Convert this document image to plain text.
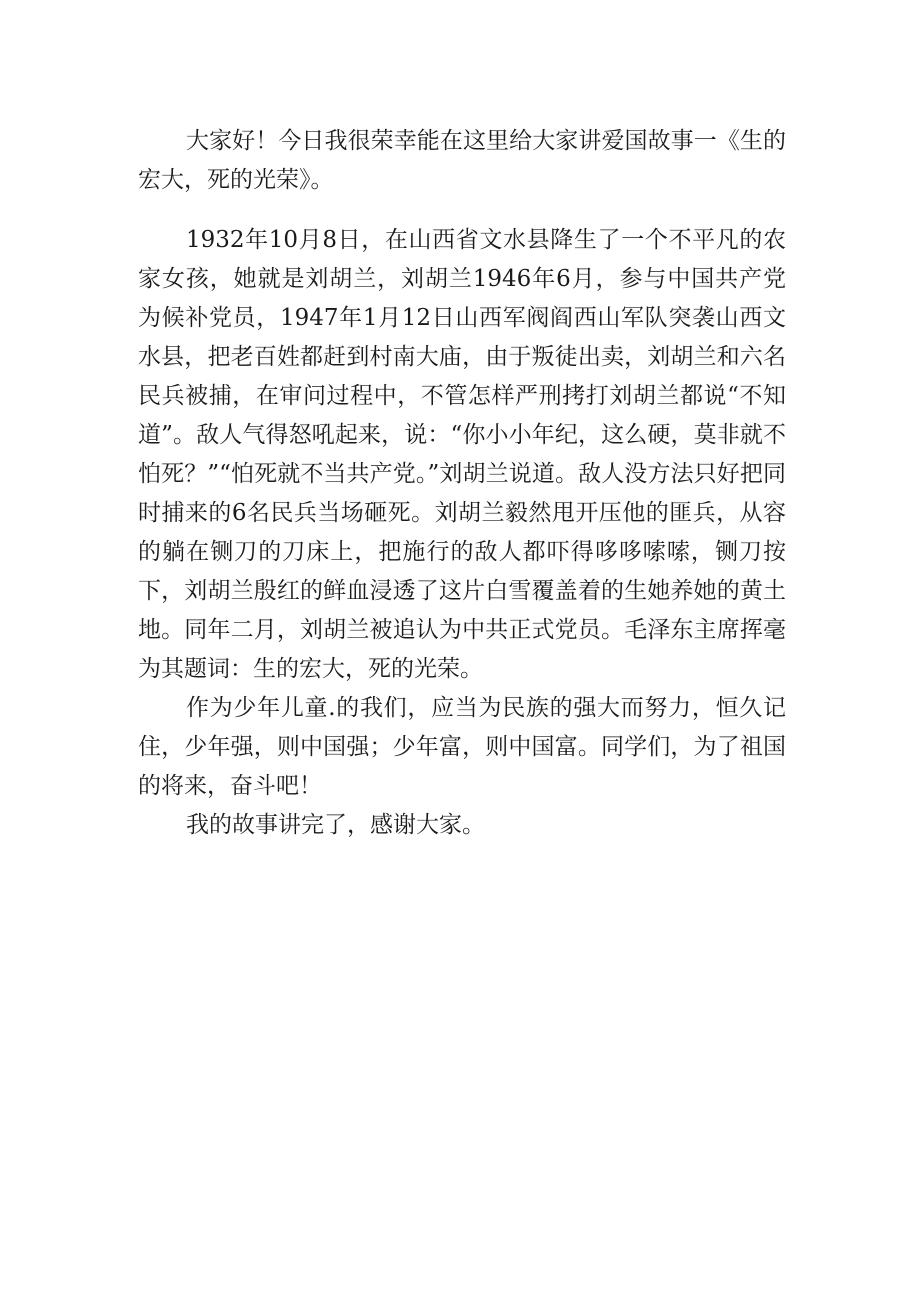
大家好！今日我很荣幸能在这里给大家讲爱国故事一《生的宏大，死的光荣》。

1932年10月8日，在山西省文水县降生了一个不平凡的农家女孩，她就是刘胡兰，刘胡兰1946年6月，参与中国共产党为候补党员，1947年1月12日山西军阀阎西山军队突袭山西文水县，把老百姓都赶到村南大庙，由于叛徒出卖，刘胡兰和六名民兵被捕，在审问过程中，不管怎样严刑拷打刘胡兰都说“不知道”。敌人气得怒吼起来，说：“你小小年纪，这么硬，莫非就不怕死？”“怕死就不当共产党。”刘胡兰说道。敌人没方法只好把同时捕来的6名民兵当场砸死。刘胡兰毅然甩开压他的匪兵，从容的躺在铡刀的刀床上，把施行的敌人都吓得哆哆嗦嗦，铡刀按下，刘胡兰殷红的鲜血浸透了这片白雪覆盖着的生她养她的黄土地。同年二月，刘胡兰被追认为中共正式党员。毛泽东主席挥毫为其题词：生的宏大，死的光荣。

作为少年儿童.的我们，应当为民族的强大而努力，恒久记住，少年强，则中国强；少年富，则中国富。同学们，为了祖国的将来，奋斗吧！

我的故事讲完了，感谢大家。
